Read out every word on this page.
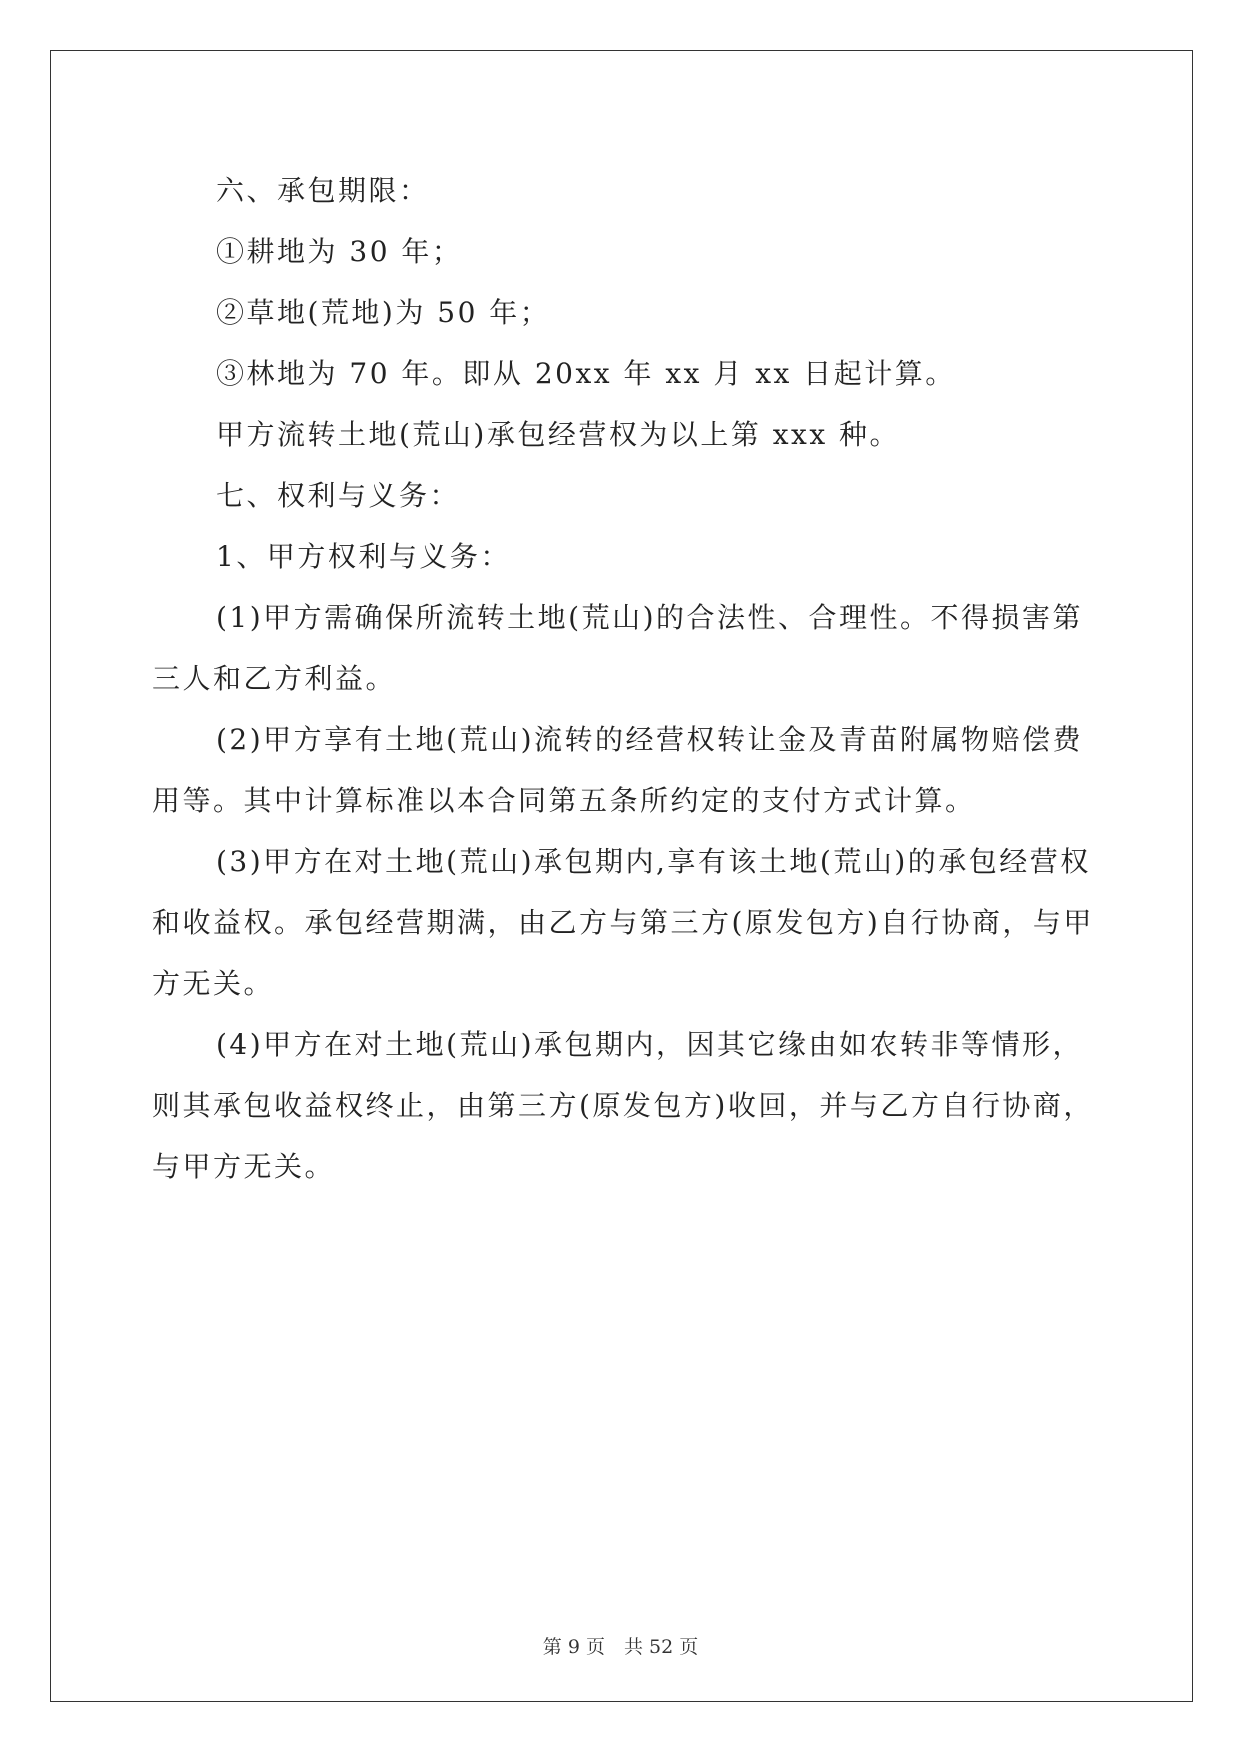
六、承包期限：

①耕地为 30 年；

②草地(荒地)为 50 年；

③林地为 70 年。即从 20xx 年 xx 月 xx 日起计算。

甲方流转土地(荒山)承包经营权为以上第 xxx 种。

七、权利与义务：

1、甲方权利与义务：

(1)甲方需确保所流转土地(荒山)的合法性、合理性。不得损害第三人和乙方利益。

(2)甲方享有土地(荒山)流转的经营权转让金及青苗附属物赔偿费用等。其中计算标准以本合同第五条所约定的支付方式计算。

(3)甲方在对土地(荒山)承包期内,享有该土地(荒山)的承包经营权和收益权。承包经营期满，由乙方与第三方(原发包方)自行协商，与甲方无关。

(4)甲方在对土地(荒山)承包期内，因其它缘由如农转非等情形，则其承包收益权终止，由第三方(原发包方)收回，并与乙方自行协商，与甲方无关。

第 9 页　共 52 页
